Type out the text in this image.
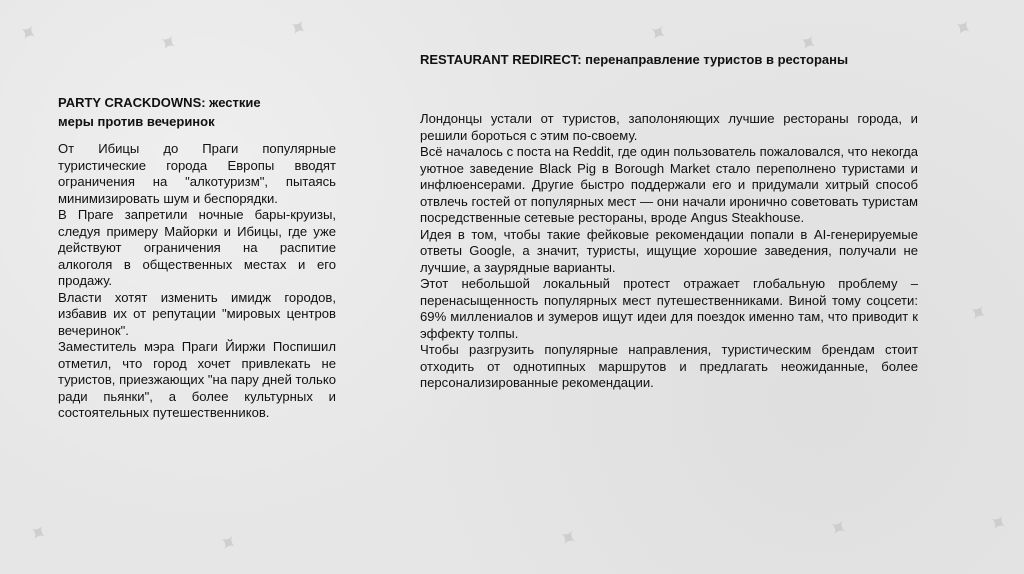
✦	✦
✦	✦	✦
✦
✦
✦	✦	✦	✦	✦

PARTY CRACKDOWNS: жесткие
меры против вечеринок

От Ибицы до Праги популярные туристические города Европы вводят ограничения на "алкотуризм", пытаясь минимизировать шум и беспорядки.

В Праге запретили ночные бары-круизы, следуя примеру Майорки и Ибицы, где уже действуют ограничения на распитие алкоголя в общественных местах и его продажу.

Власти хотят изменить имидж городов, избавив их от репутации "мировых центров вечеринок".

Заместитель мэра Праги Йиржи Поспишил отметил, что город хочет привлекать не туристов, приезжающих "на пару дней только ради пьянки", а более культурных и состоятельных путешественников.

RESTAURANT REDIRECT: перенаправление туристов в рестораны

Лондонцы устали от туристов, заполоняющих лучшие рестораны города, и решили бороться с этим по-своему.

Всё началось с поста на Reddit, где один пользователь пожаловался, что некогда уютное заведение Black Pig в Borough Market стало переполнено туристами и инфлюенсерами. Другие быстро поддержали его и придумали хитрый способ отвлечь гостей от популярных мест — они начали иронично советовать туристам посредственные сетевые рестораны, вроде Angus Steakhouse.

Идея в том, чтобы такие фейковые рекомендации попали в AI-генерируемые ответы Google, а значит, туристы, ищущие хорошие заведения, получали не лучшие, а заурядные варианты.

Этот небольшой локальный протест отражает глобальную проблему – перенасыщенность популярных мест путешественниками. Виной тому соцсети: 69% миллениалов и зумеров ищут идеи для поездок именно там, что приводит к эффекту толпы.

Чтобы разгрузить популярные направления, туристическим брендам стоит отходить от однотипных маршрутов и предлагать неожиданные, более персонализированные рекомендации.
